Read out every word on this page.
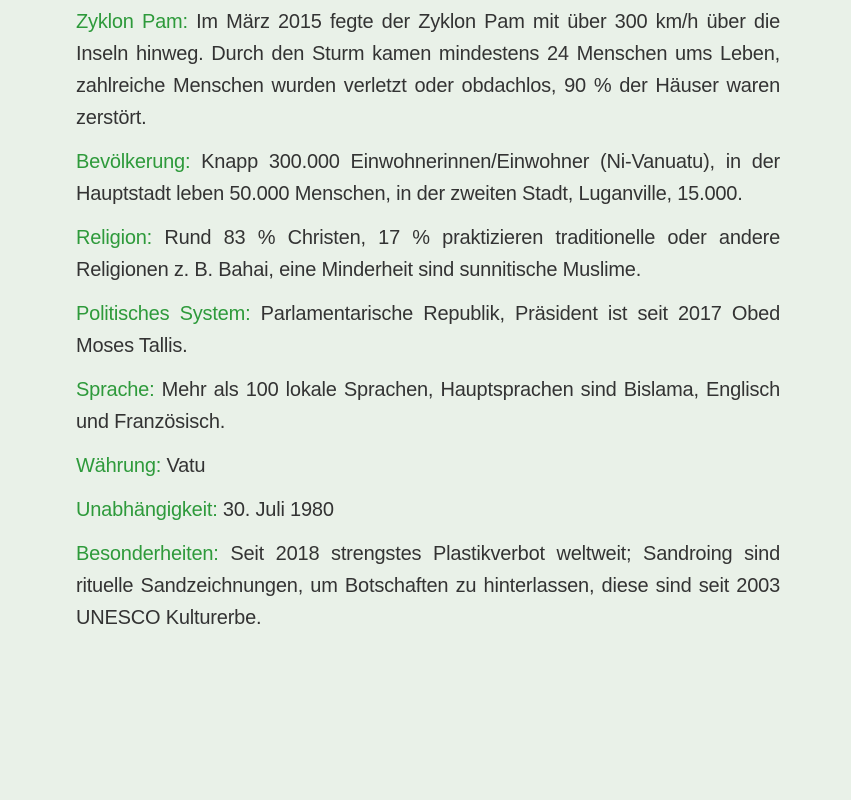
Zyklon Pam: Im März 2015 fegte der Zyklon Pam mit über 300 km/h über die Inseln hinweg. Durch den Sturm kamen mindestens 24 Menschen ums Leben, zahlreiche Menschen wurden verletzt oder obdachlos, 90 % der Häuser waren zerstört.

Bevölkerung: Knapp 300.000 Einwohnerinnen/Einwohner (Ni-Vanuatu), in der Hauptstadt leben 50.000 Menschen, in der zweiten Stadt, Luganville, 15.000.

Religion: Rund 83 % Christen, 17 % praktizieren traditionelle oder andere Religionen z. B. Bahai, eine Minderheit sind sunnitische Muslime.

Politisches System: Parlamentarische Republik, Präsident ist seit 2017 Obed Moses Tallis.

Sprache: Mehr als 100 lokale Sprachen, Hauptsprachen sind Bislama, Englisch und Französisch.

Währung: Vatu

Unabhängigkeit: 30. Juli 1980

Besonderheiten: Seit 2018 strengstes Plastikverbot weltweit; Sandroing sind rituelle Sandzeichnungen, um Botschaften zu hinterlassen, diese sind seit 2003 UNESCO Kulturerbe.
